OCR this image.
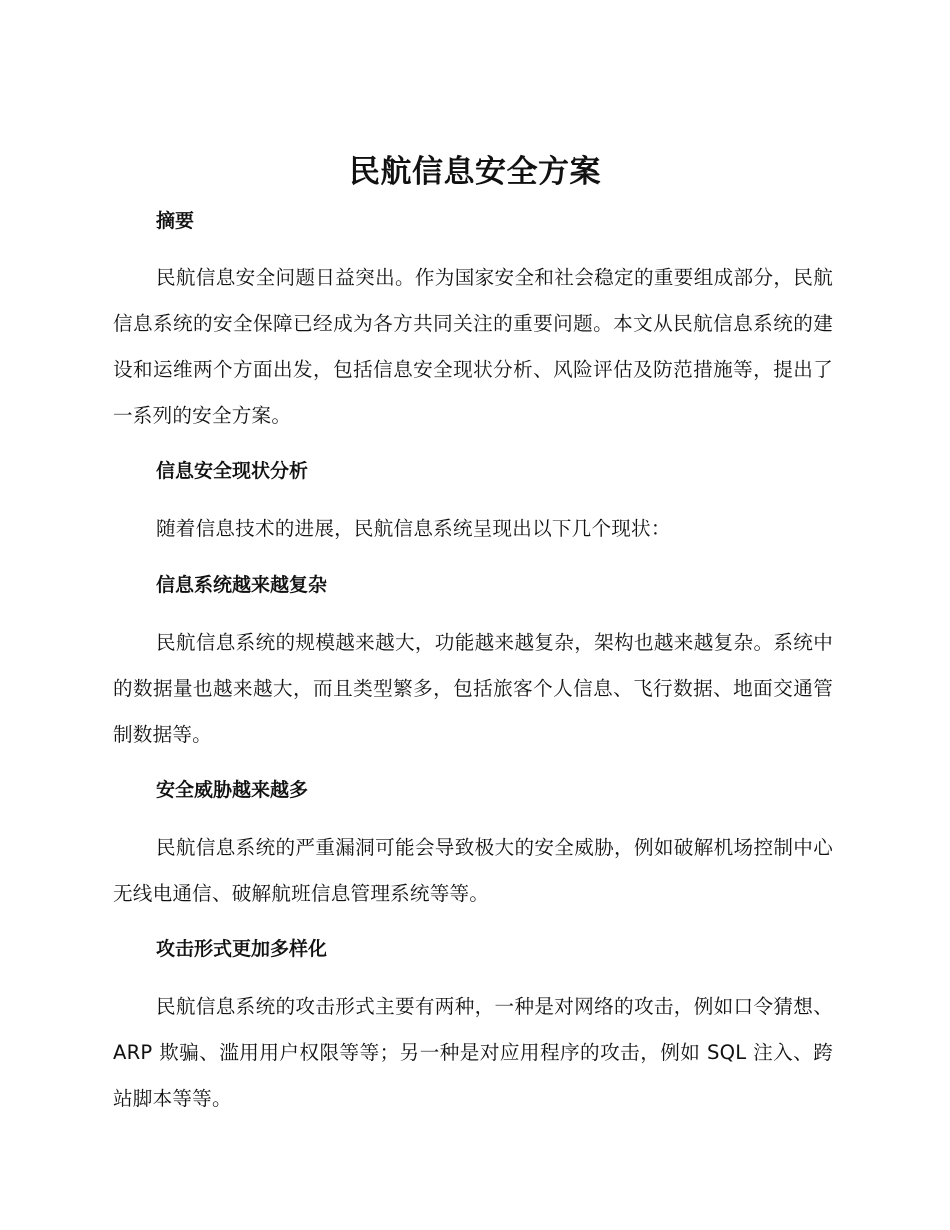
民航信息安全方案
摘要
民航信息安全问题日益突出。作为国家安全和社会稳定的重要组成部分，民航信息系统的安全保障已经成为各方共同关注的重要问题。本文从民航信息系统的建设和运维两个方面出发，包括信息安全现状分析、风险评估及防范措施等，提出了一系列的安全方案。
信息安全现状分析
随着信息技术的进展，民航信息系统呈现出以下几个现状：
信息系统越来越复杂
民航信息系统的规模越来越大，功能越来越复杂，架构也越来越复杂。系统中的数据量也越来越大，而且类型繁多，包括旅客个人信息、飞行数据、地面交通管制数据等。
安全威胁越来越多
民航信息系统的严重漏洞可能会导致极大的安全威胁，例如破解机场控制中心无线电通信、破解航班信息管理系统等等。
攻击形式更加多样化
民航信息系统的攻击形式主要有两种，一种是对网络的攻击，例如口令猜想、ARP 欺骗、滥用用户权限等等；另一种是对应用程序的攻击，例如 SQL 注入、跨站脚本等等。
